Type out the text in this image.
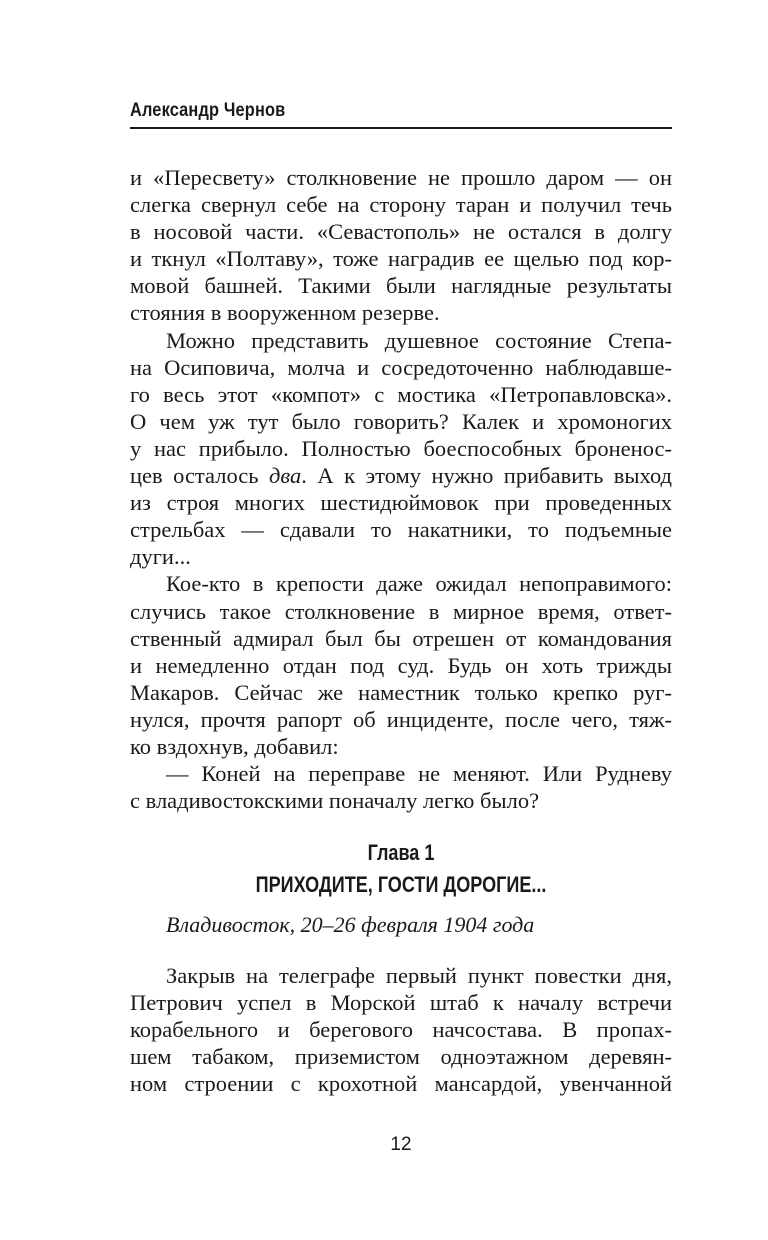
Александр Чернов
и «Пересвету» столкновение не прошло даром — он
слегка свернул себе на сторону таран и получил течь
в носовой части. «Севастополь» не остался в долгу
и ткнул «Полтаву», тоже наградив ее щелью под кор-
мовой башней. Такими были наглядные результаты
стояния в вооруженном резерве.
Можно представить душевное состояние Степа-
на Осиповича, молча и сосредоточенно наблюдавше-
го весь этот «компот» с мостика «Петропавловска».
О чем уж тут было говорить? Калек и хромоногих
у нас прибыло. Полностью боеспособных броненос-
цев осталось два. А к этому нужно прибавить выход
из строя многих шестидюймовок при проведенных
стрельбах — сдавали то накатники, то подъемные
дуги...
Кое-кто в крепости даже ожидал непоправимого:
случись такое столкновение в мирное время, ответ-
ственный адмирал был бы отрешен от командования
и немедленно отдан под суд. Будь он хоть трижды
Макаров. Сейчас же наместник только крепко руг-
нулся, прочтя рапорт об инциденте, после чего, тяж-
ко вздохнув, добавил:
— Коней на переправе не меняют. Или Рудневу
с владивостокскими поначалу легко было?
Глава 1
ПРИХОДИТЕ, ГОСТИ ДОРОГИЕ...
Владивосток, 20–26 февраля 1904 года
Закрыв на телеграфе первый пункт повестки дня,
Петрович успел в Морской штаб к началу встречи
корабельного и берегового начсостава. В пропах-
шем табаком, приземистом одноэтажном деревян-
ном строении с крохотной мансардой, увенчанной
12
